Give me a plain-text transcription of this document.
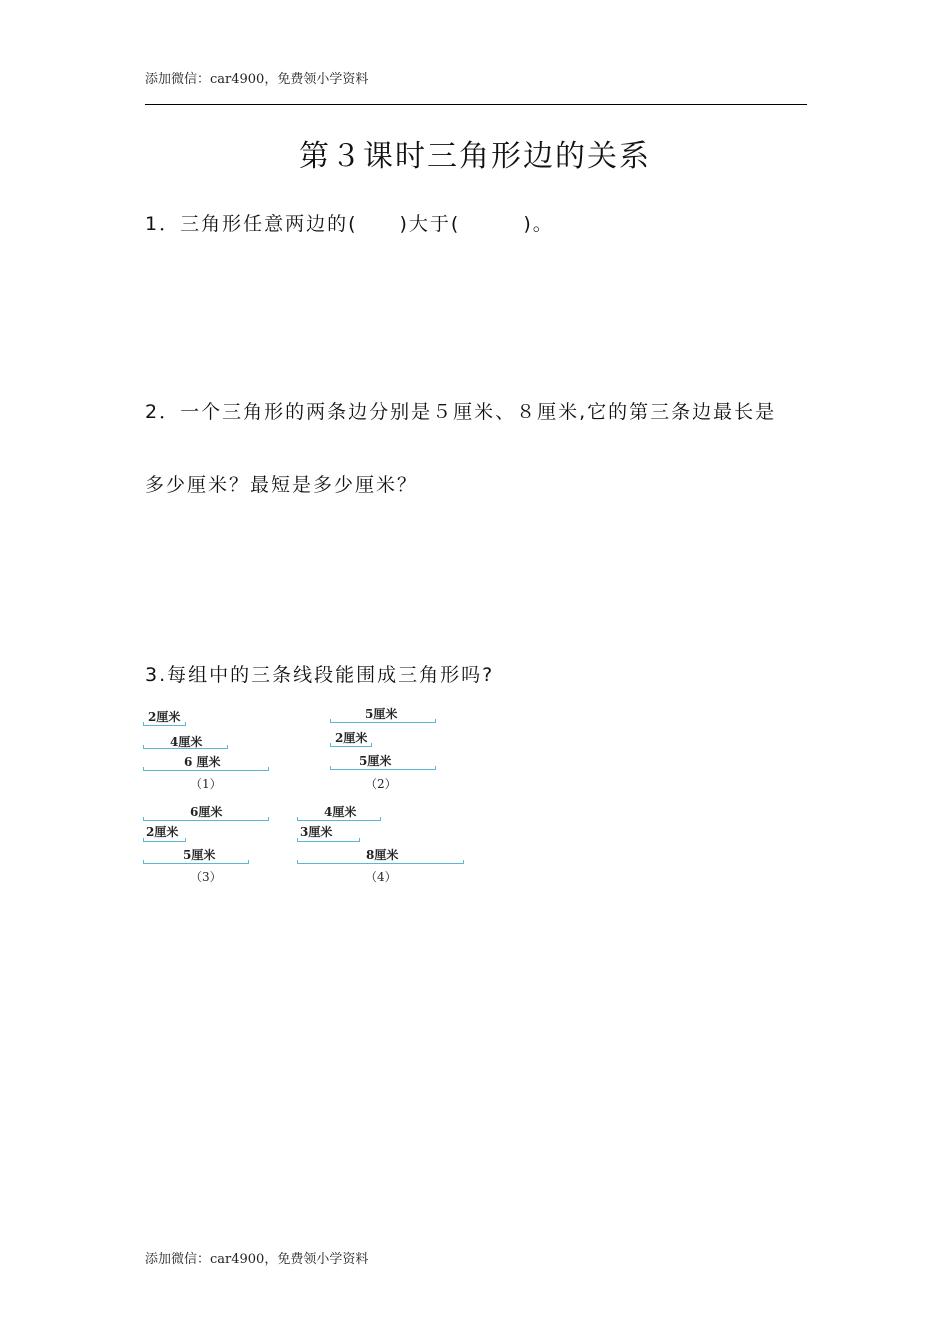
添加微信：car4900，免费领小学资料
第３课时三角形边的关系
1．三角形任意两边的(　　)大于(　　　)。
2．一个三角形的两条边分别是５厘米、８厘米,它的第三条边最长是
多少厘米？最短是多少厘米？
3.每组中的三条线段能围成三角形吗?
2厘米
4厘米
6 厘米
（1）
5厘米
2厘米
5厘米
（2）
6厘米
2厘米
5厘米
（3）
4厘米
3厘米
8厘米
（4）
添加微信：car4900，免费领小学资料
